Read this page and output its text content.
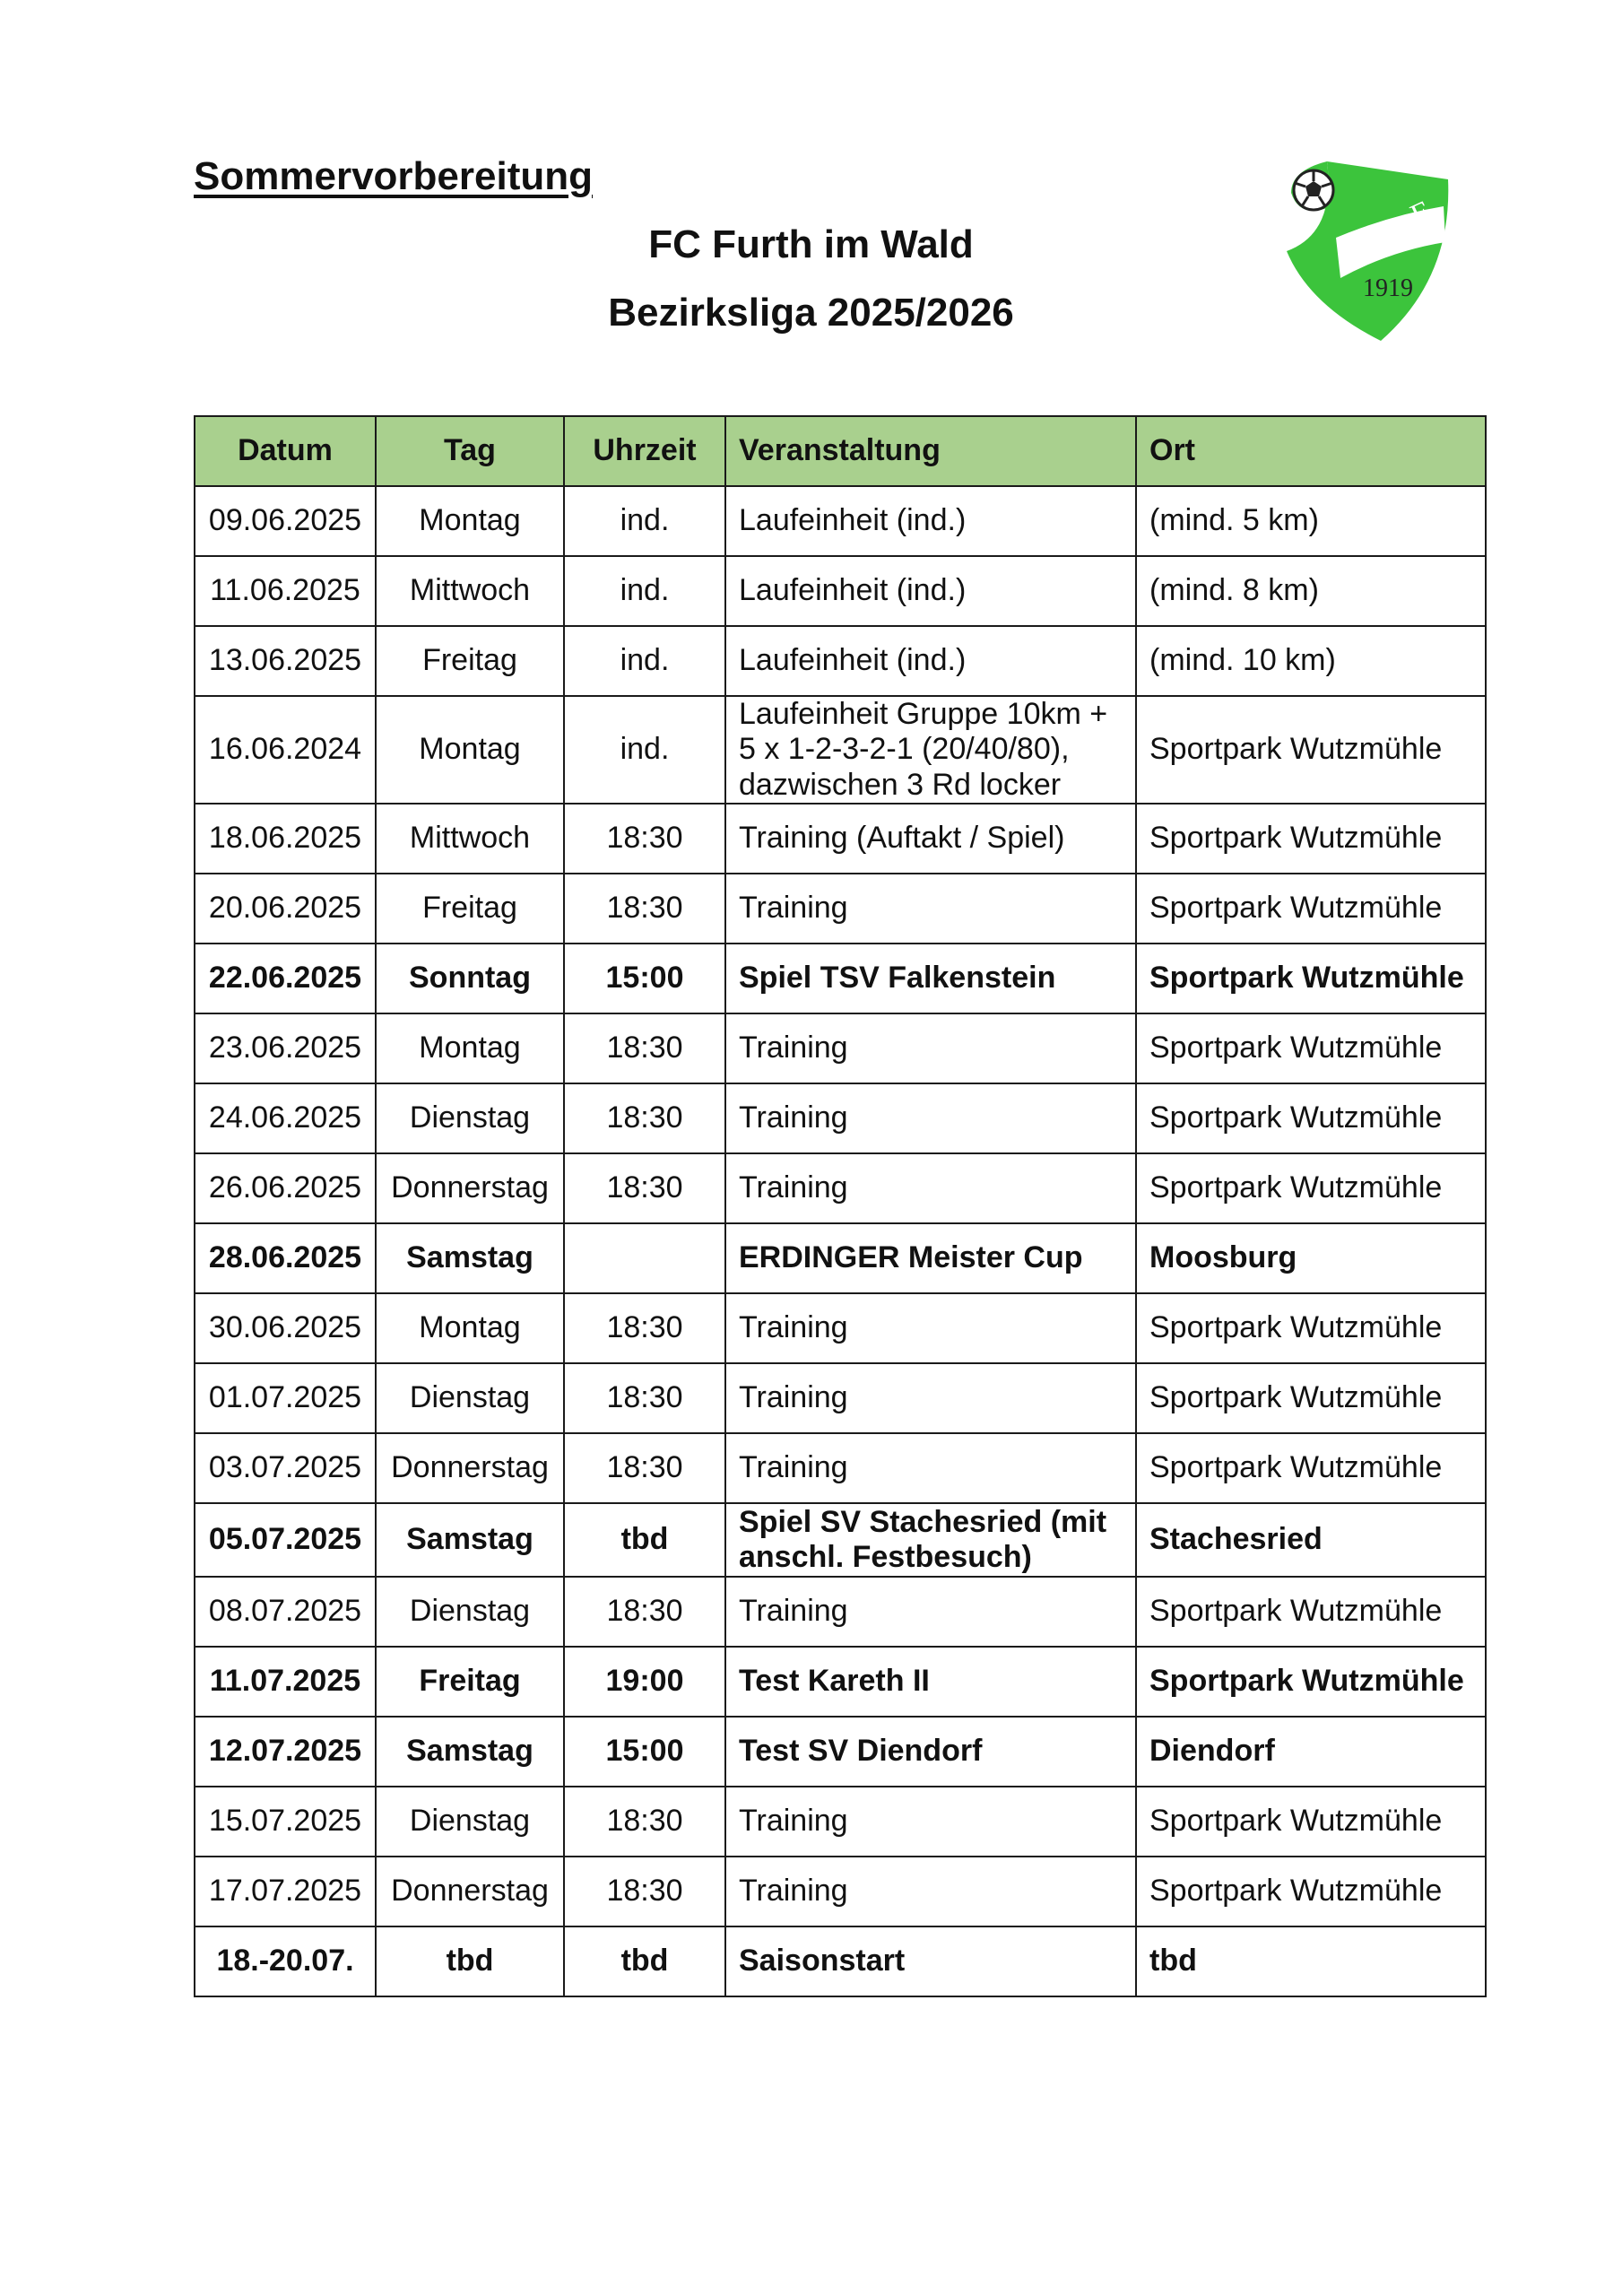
Sommervorbereitung
FC Furth im Wald
Bezirksliga 2025/2026
F
C
F
1919
Datum	Tag	Uhrzeit	Veranstaltung	Ort
09.06.2025	Montag	ind.	Laufeinheit (ind.)	(mind. 5 km)
11.06.2025	Mittwoch	ind.	Laufeinheit (ind.)	(mind. 8 km)
13.06.2025	Freitag	ind.	Laufeinheit (ind.)	(mind. 10 km)
16.06.2024	Montag	ind.	Laufeinheit Gruppe 10km + 5 x 1-2-3-2-1 (20/40/80), dazwischen 3 Rd locker	Sportpark Wutzmühle
18.06.2025	Mittwoch	18:30	Training (Auftakt / Spiel)	Sportpark Wutzmühle
20.06.2025	Freitag	18:30	Training	Sportpark Wutzmühle
22.06.2025	Sonntag	15:00	Spiel TSV Falkenstein	Sportpark Wutzmühle
23.06.2025	Montag	18:30	Training	Sportpark Wutzmühle
24.06.2025	Dienstag	18:30	Training	Sportpark Wutzmühle
26.06.2025	Donnerstag	18:30	Training	Sportpark Wutzmühle
28.06.2025	Samstag		ERDINGER Meister Cup	Moosburg
30.06.2025	Montag	18:30	Training	Sportpark Wutzmühle
01.07.2025	Dienstag	18:30	Training	Sportpark Wutzmühle
03.07.2025	Donnerstag	18:30	Training	Sportpark Wutzmühle
05.07.2025	Samstag	tbd	Spiel SV Stachesried (mit anschl. Festbesuch)	Stachesried
08.07.2025	Dienstag	18:30	Training	Sportpark Wutzmühle
11.07.2025	Freitag	19:00	Test Kareth II	Sportpark Wutzmühle
12.07.2025	Samstag	15:00	Test SV Diendorf	Diendorf
15.07.2025	Dienstag	18:30	Training	Sportpark Wutzmühle
17.07.2025	Donnerstag	18:30	Training	Sportpark Wutzmühle
18.-20.07.	tbd	tbd	Saisonstart	tbd
